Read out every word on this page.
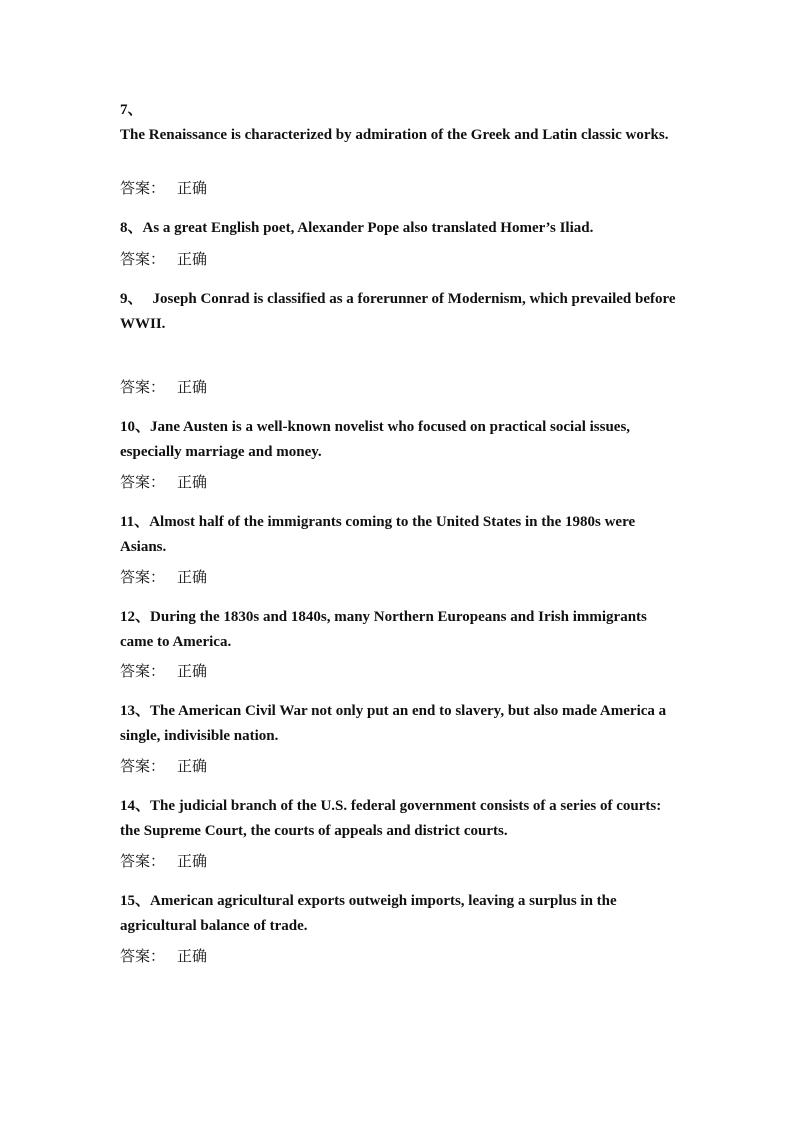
7、
The Renaissance is characterized by admiration of the Greek and Latin classic works.
答案： 正确
8、As a great English poet, Alexander Pope also translated Homer’s Iliad.
答案： 正确
9、 Joseph Conrad is classified as a forerunner of Modernism, which prevailed before WWII.
答案： 正确
10、Jane Austen is a well-known novelist who focused on practical social issues, especially marriage and money.
答案： 正确
11、Almost half of the immigrants coming to the United States in the 1980s were Asians.
答案： 正确
12、During the 1830s and 1840s, many Northern Europeans and Irish immigrants came to America.
答案： 正确
13、The American Civil War not only put an end to slavery, but also made America a single, indivisible nation.
答案： 正确
14、The judicial branch of the U.S. federal government consists of a series of courts: the Supreme Court, the courts of appeals and district courts.
答案： 正确
15、American agricultural exports outweigh imports, leaving a surplus in the agricultural balance of trade.
答案： 正确
